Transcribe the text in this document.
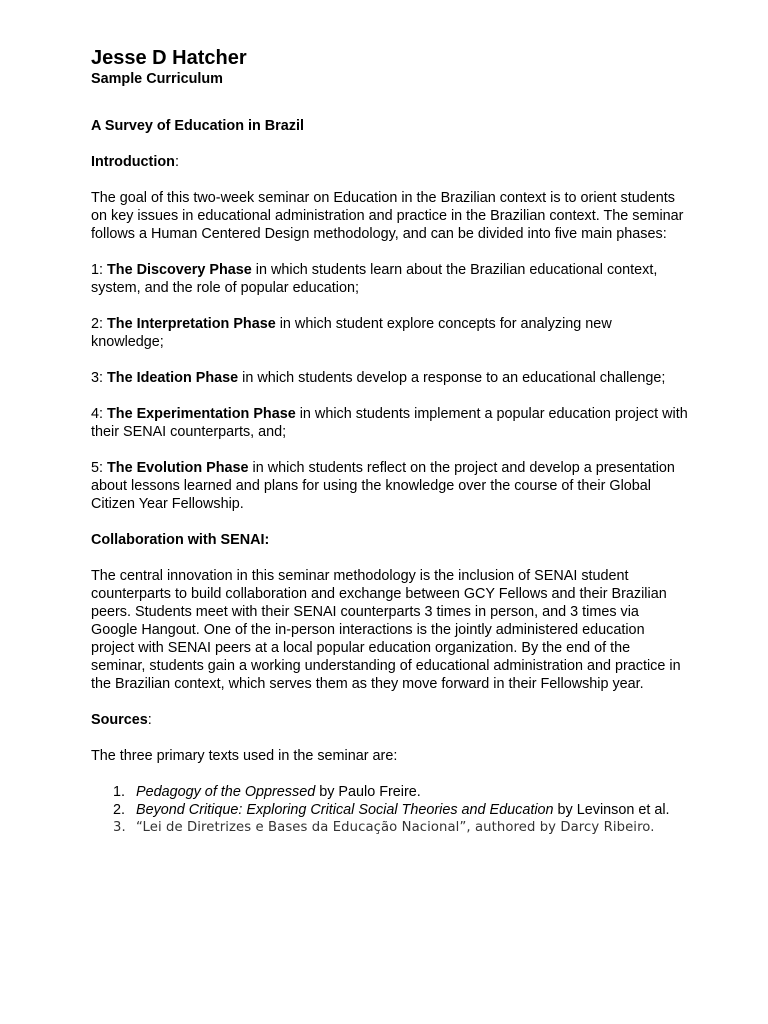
Jesse D Hatcher
Sample Curriculum
A Survey of Education in Brazil
Introduction:

The goal of this two-week seminar on Education in the Brazilian context is to orient students on key issues in educational administration and practice in the Brazilian context. The seminar follows a Human Centered Design methodology, and can be divided into five main phases:

1: The Discovery Phase in which students learn about the Brazilian educational context, system, and the role of popular education;

2: The Interpretation Phase in which student explore concepts for analyzing new knowledge;

3: The Ideation Phase in which students develop a response to an educational challenge;

4: The Experimentation Phase in which students implement a popular education project with their SENAI counterparts, and;

5: The Evolution Phase in which students reflect on the project and develop a presentation about lessons learned and plans for using the knowledge over the course of their Global Citizen Year Fellowship.

Collaboration with SENAI:

The central innovation in this seminar methodology is the inclusion of SENAI student counterparts to build collaboration and exchange between GCY Fellows and their Brazilian peers. Students meet with their SENAI counterparts 3 times in person, and 3 times via Google Hangout. One of the in-person interactions is the jointly administered education project with SENAI peers at a local popular education organization. By the end of the seminar, students gain a working understanding of educational administration and practice in the Brazilian context, which serves them as they move forward in their Fellowship year.

Sources:

The three primary texts used in the seminar are:

1. Pedagogy of the Oppressed by Paulo Freire.
2. Beyond Critique: Exploring Critical Social Theories and Education by Levinson et al.
3. “Lei de Diretrizes e Bases da Educação Nacional”, authored by Darcy Ribeiro.
